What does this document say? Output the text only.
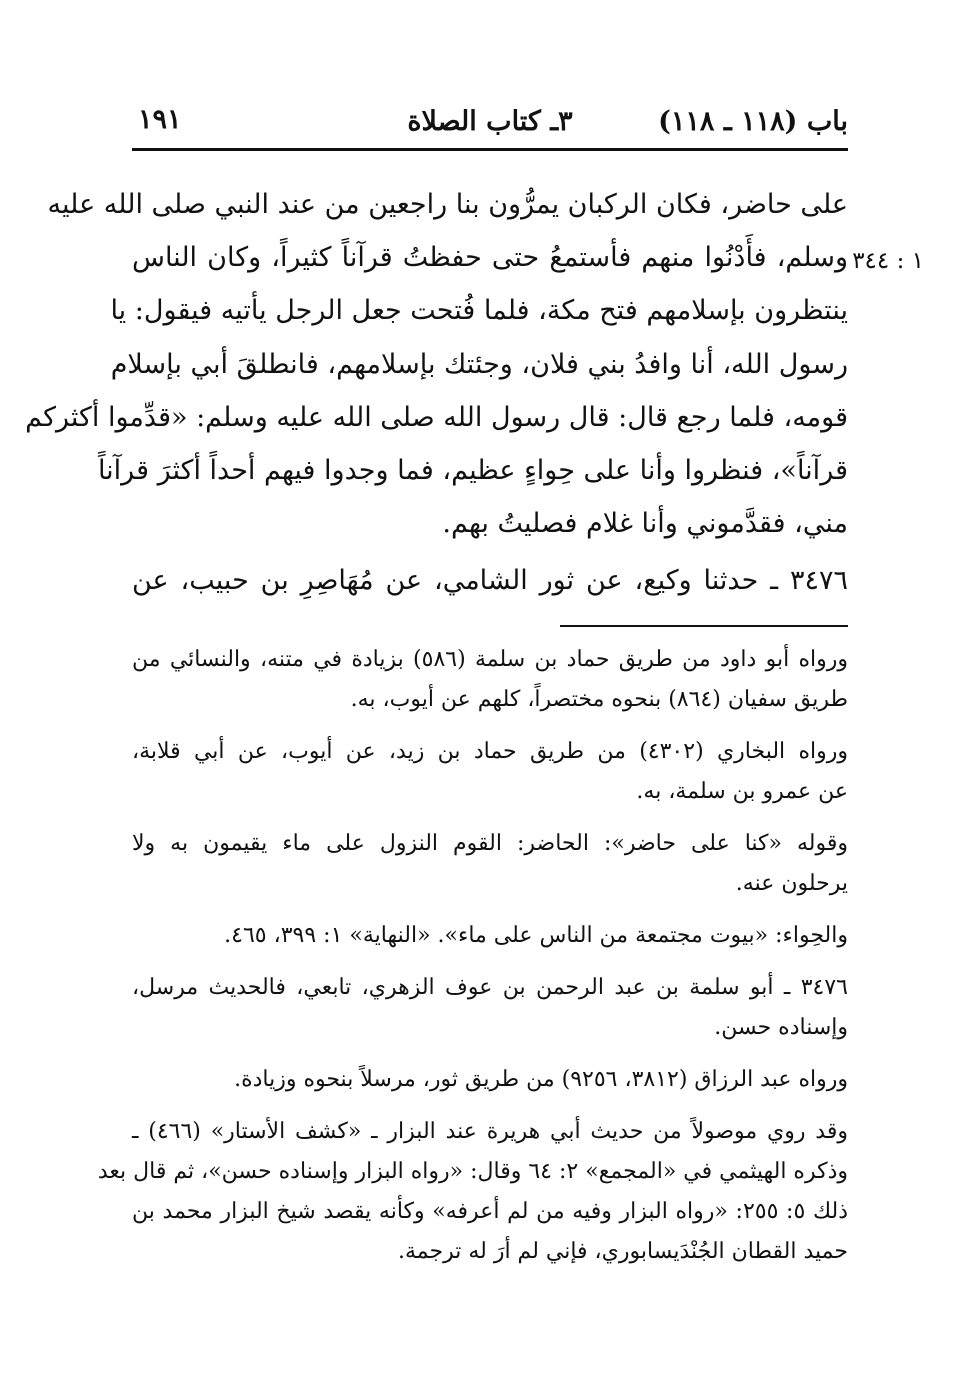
باب (١١٨ ـ ١١٨)
٣ـ كتاب الصلاة
١٩١
١ : ٣٤٤
على حاضر، فكان الركبان يمرُّون بنا راجعين من عند النبي صلى الله عليه
وسلم، فأَدْنُوا منهم فأستمعُ حتى حفظتُ قرآناً كثيراً، وكان الناس
ينتظرون بإسلامهم فتح مكة، فلما فُتحت جعل الرجل يأتيه فيقول: يا
رسول الله، أنا وافدُ بني فلان، وجئتك بإسلامهم، فانطلقَ أبي بإسلام
قومه، فلما رجع قال: قال رسول الله صلى الله عليه وسلم: «قدِّموا أكثركم
قرآناً»، فنظروا وأنا على حِواءٍ عظيم، فما وجدوا فيهم أحداً أكثرَ قرآناً
مني، فقدَّموني وأنا غلام فصليتُ بهم.
٣٤٧٦ ـ حدثنا وكيع، عن ثور الشامي، عن مُهَاصِرِ بن حبيب، عن
ورواه أبو داود من طريق حماد بن سلمة (٥٨٦) بزيادة في متنه، والنسائي من
طريق سفيان (٨٦٤) بنحوه مختصراً، كلهم عن أيوب، به.
ورواه البخاري (٤٣٠٢) من طريق حماد بن زيد، عن أيوب، عن أبي قلابة،
عن عمرو بن سلمة، به.
وقوله «كنا على حاضر»: الحاضر: القوم النزول على ماء يقيمون به ولا
يرحلون عنه.
والحِواء: «بيوت مجتمعة من الناس على ماء». «النهاية» ١: ٣٩٩، ٤٦٥.
٣٤٧٦ ـ أبو سلمة بن عبد الرحمن بن عوف الزهري، تابعي، فالحديث مرسل،
وإسناده حسن.
ورواه عبد الرزاق (٣٨١٢، ٩٢٥٦) من طريق ثور، مرسلاً بنحوه وزيادة.
وقد روي موصولاً من حديث أبي هريرة عند البزار ـ «كشف الأستار» (٤٦٦) ـ
وذكره الهيثمي في «المجمع» ٢: ٦٤ وقال: «رواه البزار وإسناده حسن»، ثم قال بعد
ذلك ٥: ٢٥٥: «رواه البزار وفيه من لم أعرفه» وكأنه يقصد شيخ البزار محمد بن
حميد القطان الجُنْدَيسابوري، فإني لم أرَ له ترجمة.
